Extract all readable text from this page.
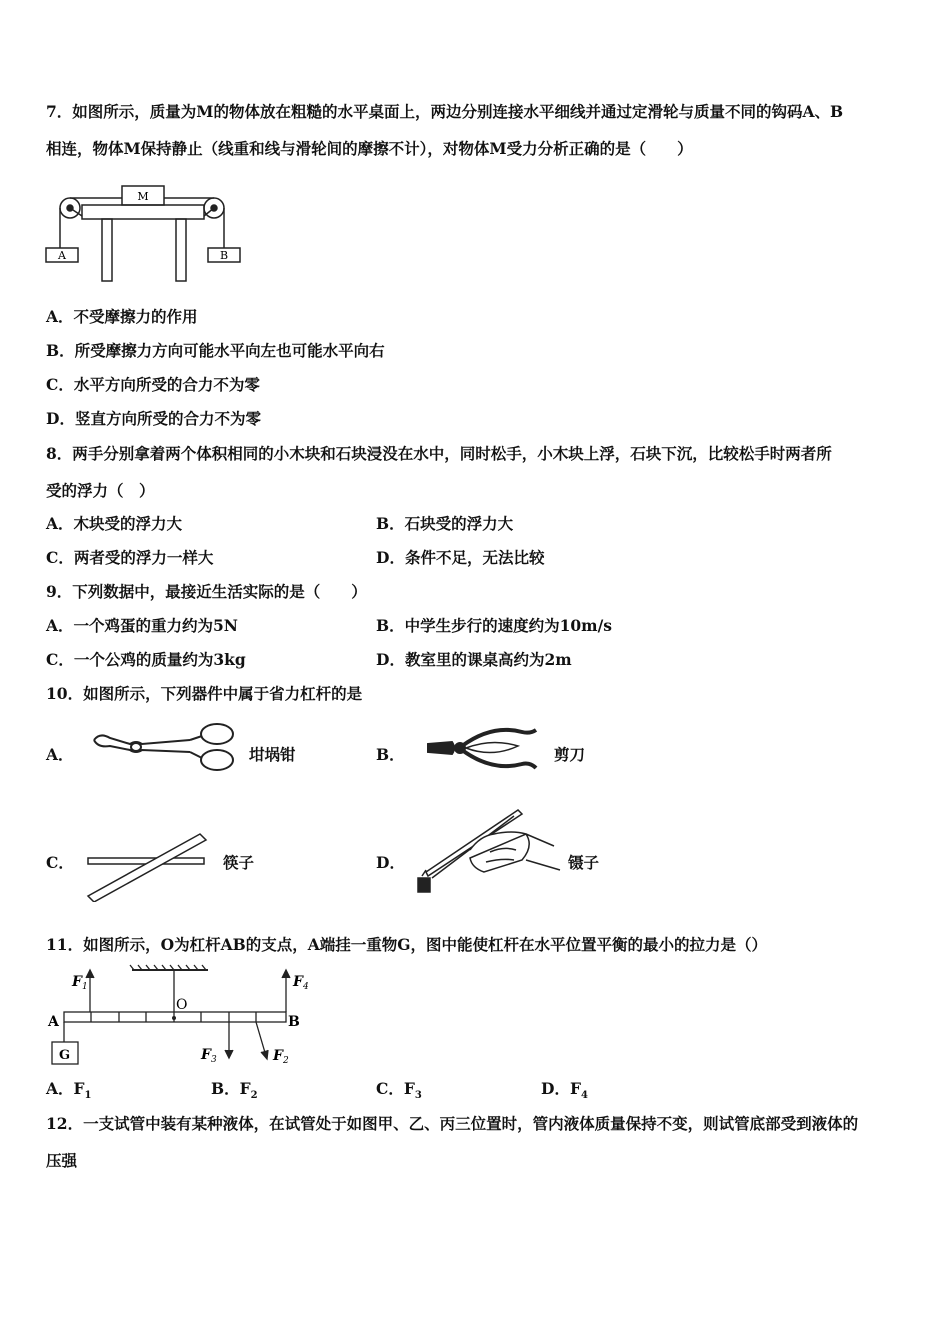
7．如图所示，质量为M的物体放在粗糙的水平桌面上，两边分别连接水平细线并通过定滑轮与质量不同的钩码A、B
相连，物体M保持静止（线重和线与滑轮间的摩擦不计），对物体M受力分析正确的是（　　）
M
A	B
A．不受摩擦力的作用
B．所受摩擦力方向可能水平向左也可能水平向右
C．水平方向所受的合力不为零
D．竖直方向所受的合力不为零
8．两手分别拿着两个体积相同的小木块和石块浸没在水中，同时松手，小木块上浮，石块下沉，比较松手时两者所
受的浮力（　）
A．木块受的浮力大	B．石块受的浮力大
C．两者受的浮力一样大	D．条件不足，无法比较
9．下列数据中，最接近生活实际的是（　　）
A．一个鸡蛋的重力约为5N	B．中学生步行的速度约为10m/s
C．一个公鸡的质量约为3kg	D．教室里的课桌高约为2m
10．如图所示，下列器件中属于省力杠杆的是
A．	坩埚钳	B．	剪刀
C．	筷子	D．	镊子
11．如图所示，O为杠杆AB的支点，A端挂一重物G，图中能使杠杆在水平位置平衡的最小的拉力是（）
O
A	B
G
F 1	F 4
F 3	F 2
A．$F_1$	B．$F_2$	C．$F_3$	D．$F_4$
12．一支试管中装有某种液体，在试管处于如图甲、乙、丙三位置时，管内液体质量保持不变，则试管底部受到液体的
压强
